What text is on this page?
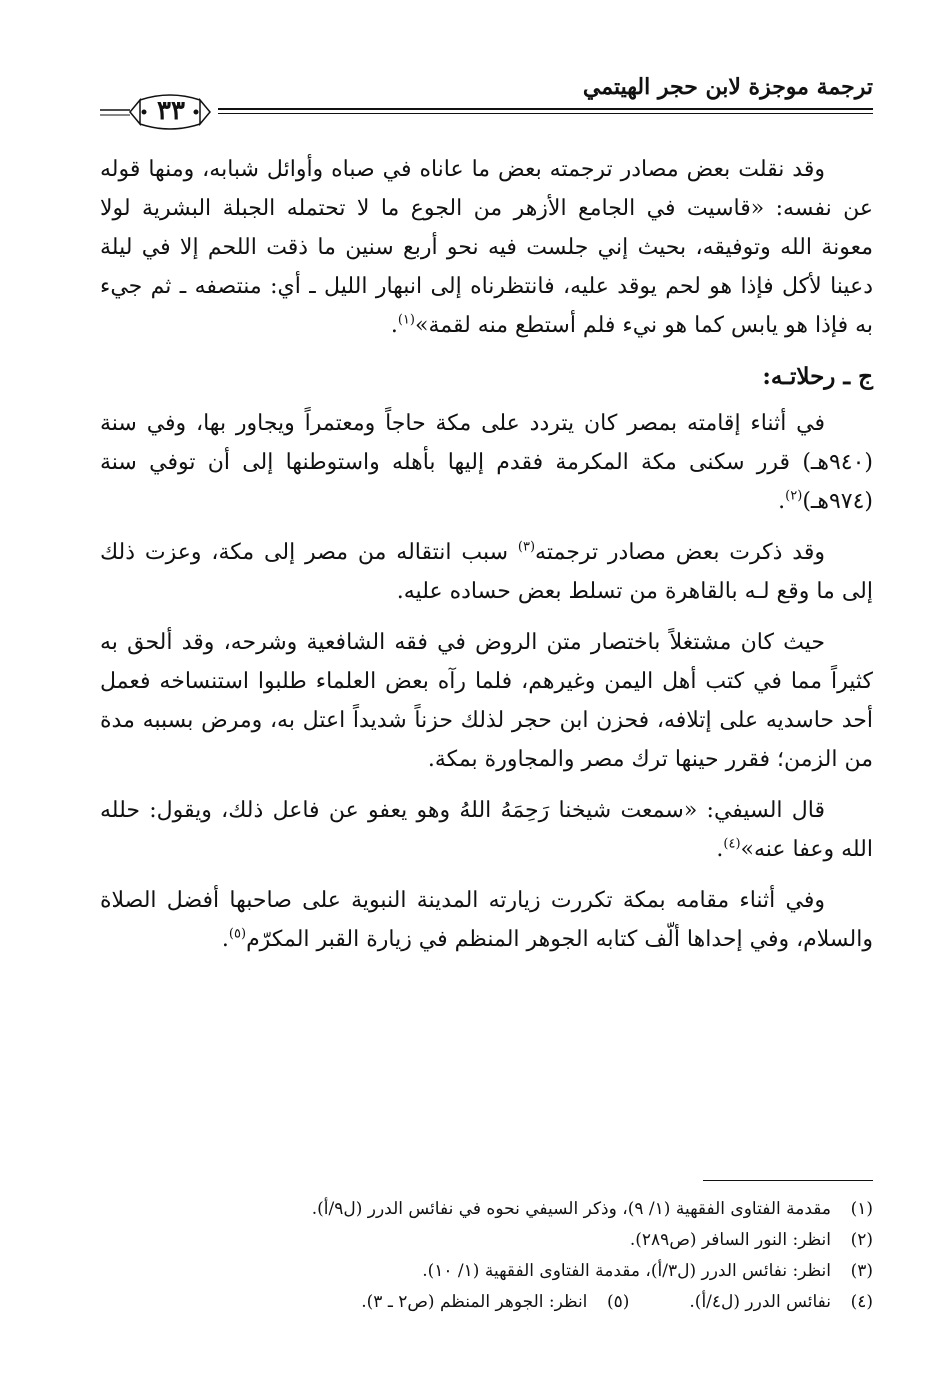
ترجمة موجزة لابن حجر الهيتمي
٣٣

وقد نقلت بعض مصادر ترجمته بعض ما عاناه في صباه وأوائل شبابه، ومنها قوله عن نفسه: «قاسيت في الجامع الأزهر من الجوع ما لا تحتمله الجبلة البشرية لولا معونة الله وتوفيقه، بحيث إني جلست فيه نحو أربع سنين ما ذقت اللحم إلا في ليلة دعينا لأكل فإذا هو لحم يوقد عليه، فانتظرناه إلى انبهار الليل ـ أي: منتصفه ـ ثم جيء به فإذا هو يابس كما هو نيء فلم أستطع منه لقمة»$^{(١)}$.

ج ـ رحلاتـه:

في أثناء إقامته بمصر كان يتردد على مكة حاجاً ومعتمراً ويجاور بها، وفي سنة (٩٤٠هـ) قرر سكنى مكة المكرمة فقدم إليها بأهله واستوطنها إلى أن توفي سنة (٩٧٤هـ)$^{(٢)}$.

وقد ذكرت بعض مصادر ترجمته$^{(٣)}$ سبب انتقاله من مصر إلى مكة، وعزت ذلك إلى ما وقع لـه بالقاهرة من تسلط بعض حساده عليه.

حيث كان مشتغلاً باختصار متن الروض في فقه الشافعية وشرحه، وقد ألحق به كثيراً مما في كتب أهل اليمن وغيرهم، فلما رآه بعض العلماء طلبوا استنساخه فعمل أحد حاسديه على إتلافه، فحزن ابن حجر لذلك حزناً شديداً اعتل به، ومرض بسببه مدة من الزمن؛ فقرر حينها ترك مصر والمجاورة بمكة.

قال السيفي: «سمعت شيخنا رَحِمَهُ اللهُ وهو يعفو عن فاعل ذلك، ويقول: حلله الله وعفا عنه»$^{(٤)}$.

وفي أثناء مقامه بمكة تكررت زيارته المدينة النبوية على صاحبها أفضل الصلاة والسلام، وفي إحداها ألّف كتابه الجوهر المنظم في زيارة القبر المكرّم$^{(٥)}$.

(١)
مقدمة الفتاوى الفقهية (١/ ٩)، وذكر السيفي نحوه في نفائس الدرر (ل٩/أ).
(٢)
انظر: النور السافر (ص٢٨٩).
(٣)
انظر: نفائس الدرر (ل٣/أ)، مقدمة الفتاوى الفقهية (١/ ١٠).
(٤)
نفائس الدرر (ل٤/أ).
(٥)
انظر: الجوهر المنظم (ص٢ ـ ٣).
